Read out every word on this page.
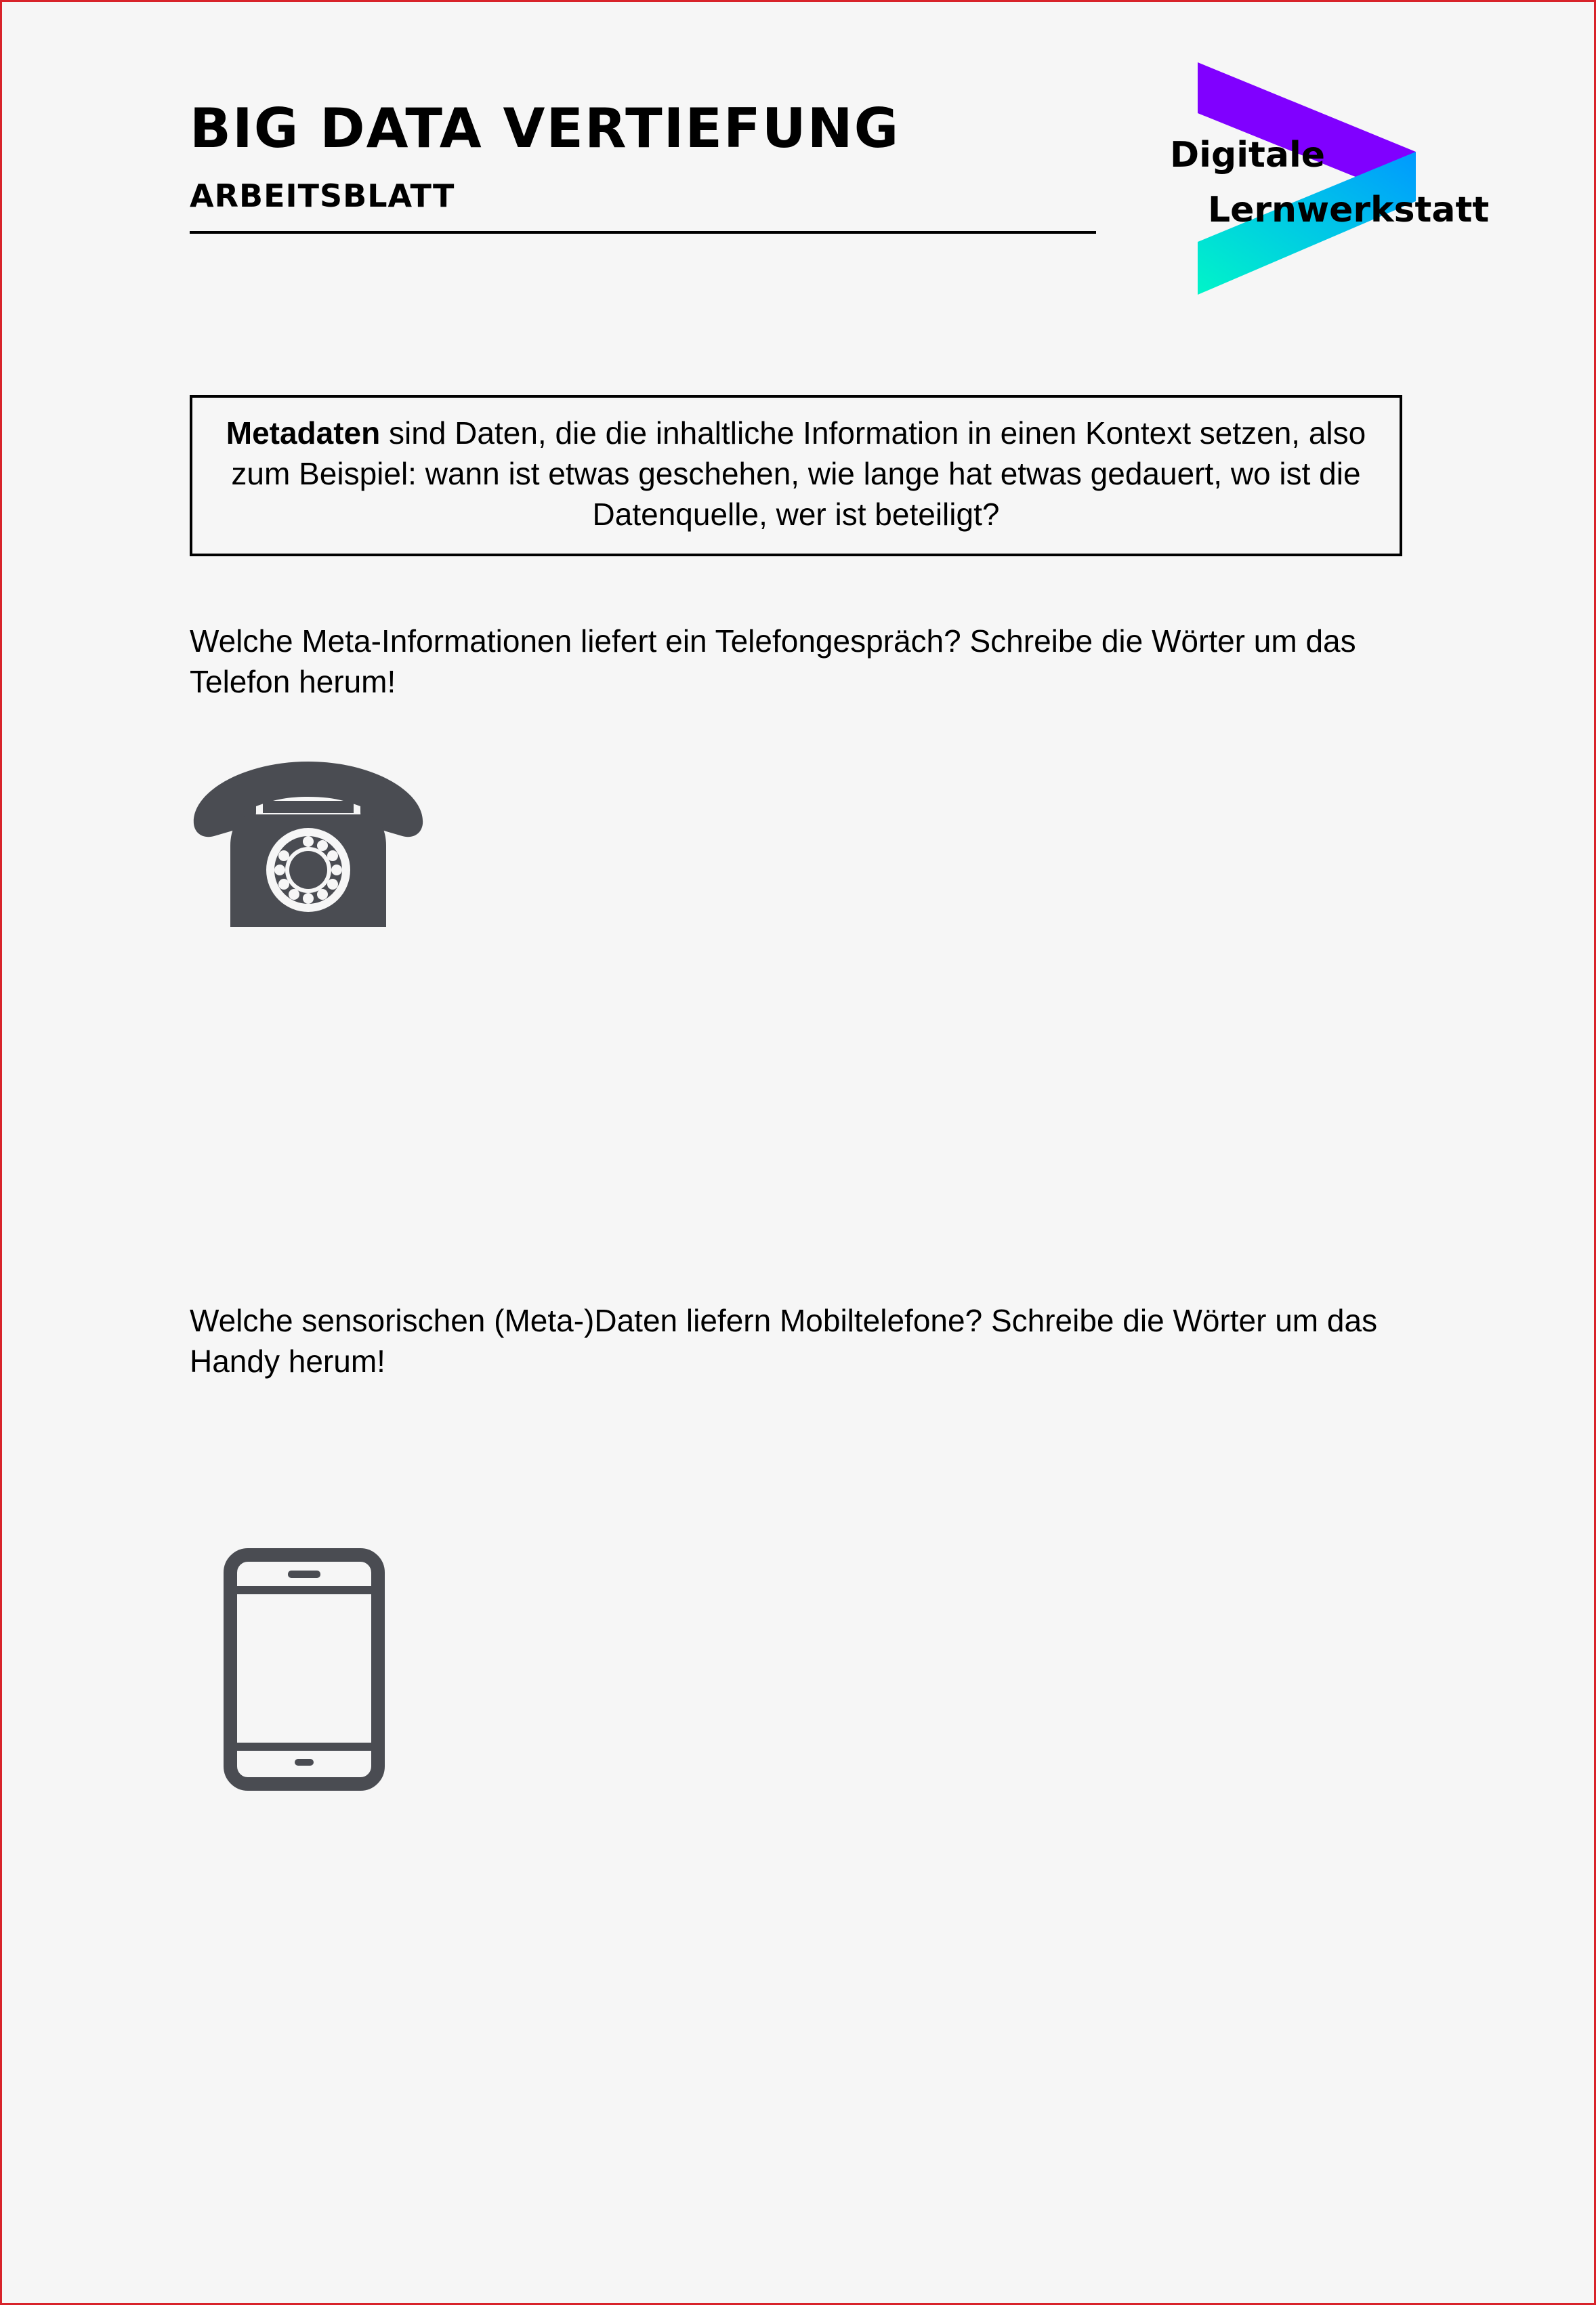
BIG DATA VERTIEFUNG
ARBEITSBLATT
Digitale
Lernwerkstatt
Metadaten sind Daten, die die inhaltliche Information in einen Kontext setzen, also zum Beispiel: wann ist etwas geschehen, wie lange hat etwas gedauert, wo ist die Datenquelle, wer ist beteiligt?

Welche Meta-Informationen liefert ein Telefongespräch? Schreibe die Wörter um das Telefon herum!

Welche sensorischen (Meta-)Daten liefern Mobiltelefone? Schreibe die Wörter um das Handy herum!
